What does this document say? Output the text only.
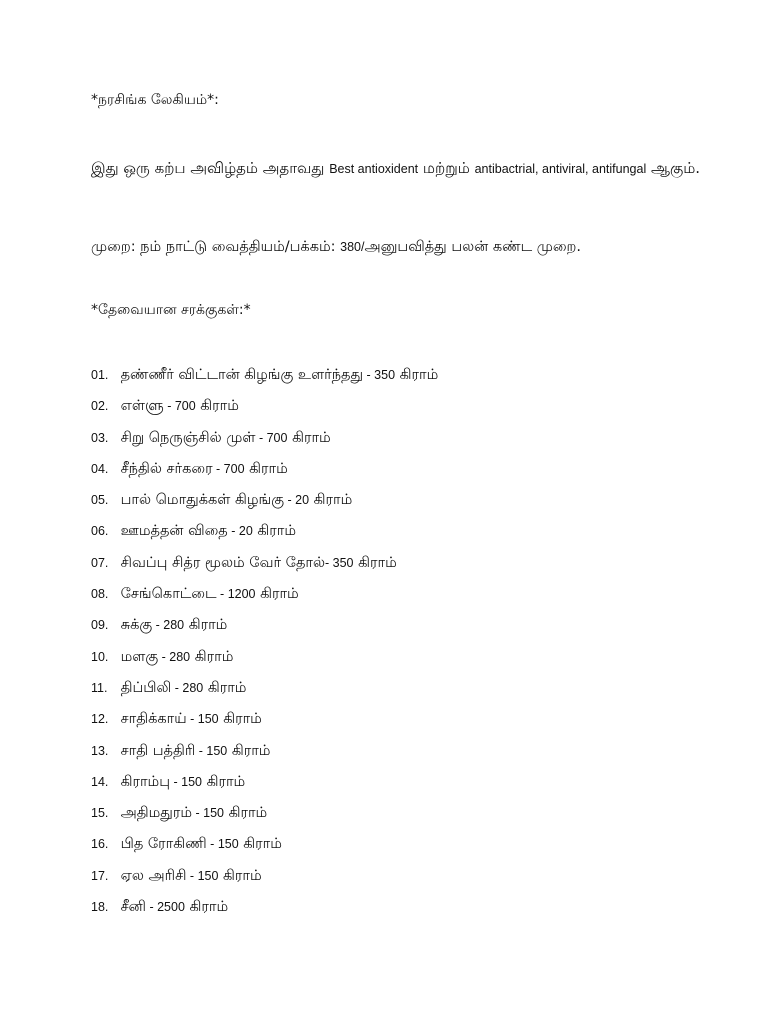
*நரசிங்க லேகியம்*:
இது ஒரு கற்ப அவிழ்தம் அதாவது Best antioxident மற்றும் antibactrial, antiviral, antifungal ஆகும்.
முறை: நம் நாட்டு வைத்தியம்/பக்கம்: 380/அனுபவித்து பலன் கண்ட முறை.
*தேவையான சரக்குகள்:*
01. தண்ணீர் விட்டான் கிழங்கு உளர்ந்தது - 350 கிராம்
02. எள்ளு - 700 கிராம்
03. சிறு நெருஞ்சில் முள் - 700 கிராம்
04. சீந்தில் சர்கரை - 700 கிராம்
05. பால் மொதுக்கள் கிழங்கு - 20 கிராம்
06. ஊமத்தன் விதை - 20 கிராம்
07. சிவப்பு சித்ர மூலம் வேர் தோல்- 350 கிராம்
08. சேங்கொட்டை - 1200 கிராம்
09. சுக்கு - 280 கிராம்
10. மளகு - 280 கிராம்
11. திப்பிலி - 280 கிராம்
12. சாதிக்காய் - 150 கிராம்
13. சாதி பத்திரி - 150 கிராம்
14. கிராம்பு - 150 கிராம்
15. அதிமதுரம் - 150 கிராம்
16. பித ரோகிணி - 150 கிராம்
17. ஏல அரிசி - 150 கிராம்
18. சீனி - 2500 கிராம்
